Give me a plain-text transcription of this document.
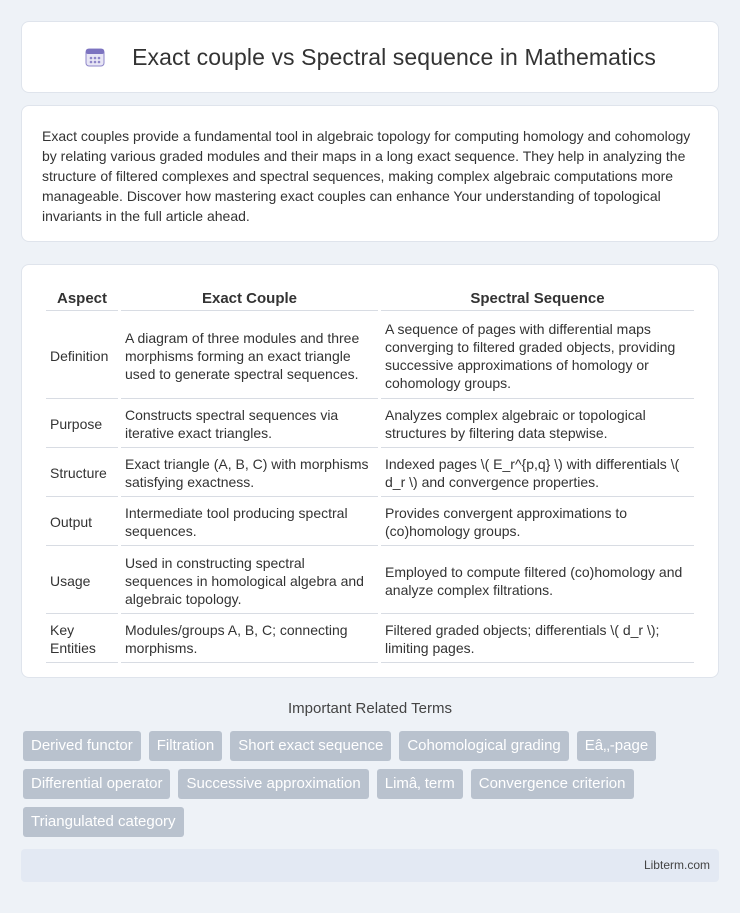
Exact couple vs Spectral sequence in Mathematics

Exact couples provide a fundamental tool in algebraic topology for computing homology and cohomology by relating various graded modules and their maps in a long exact sequence. They help in analyzing the structure of filtered complexes and spectral sequences, making complex algebraic computations more manageable. Discover how mastering exact couples can enhance Your understanding of topological invariants in the full article ahead.

Aspect	Exact Couple	Spectral Sequence
Definition	A diagram of three modules and three morphisms forming an exact triangle used to generate spectral sequences.	A sequence of pages with differential maps converging to filtered graded objects, providing successive approximations of homology or cohomology groups.
Purpose	Constructs spectral sequences via iterative exact triangles.	Analyzes complex algebraic or topological structures by filtering data stepwise.
Structure	Exact triangle (A, B, C) with morphisms satisfying exactness.	Indexed pages \( E_r^{p,q} \) with differentials \( d_r \) and convergence properties.
Output	Intermediate tool producing spectral sequences.	Provides convergent approximations to (co)homology groups.
Usage	Used in constructing spectral sequences in homological algebra and algebraic topology.	Employed to compute filtered (co)homology and analyze complex filtrations.
Key Entities	Modules/groups A, B, C; connecting morphisms.	Filtered graded objects; differentials \( d_r \); limiting pages.
Important Related Terms
Derived functor	Filtration	Short exact sequence	Cohomological grading	Eâ‚‚-page
Differential operator	Successive approximation	Limâ‚ term	Convergence criterion
Triangulated category
Libterm.com
